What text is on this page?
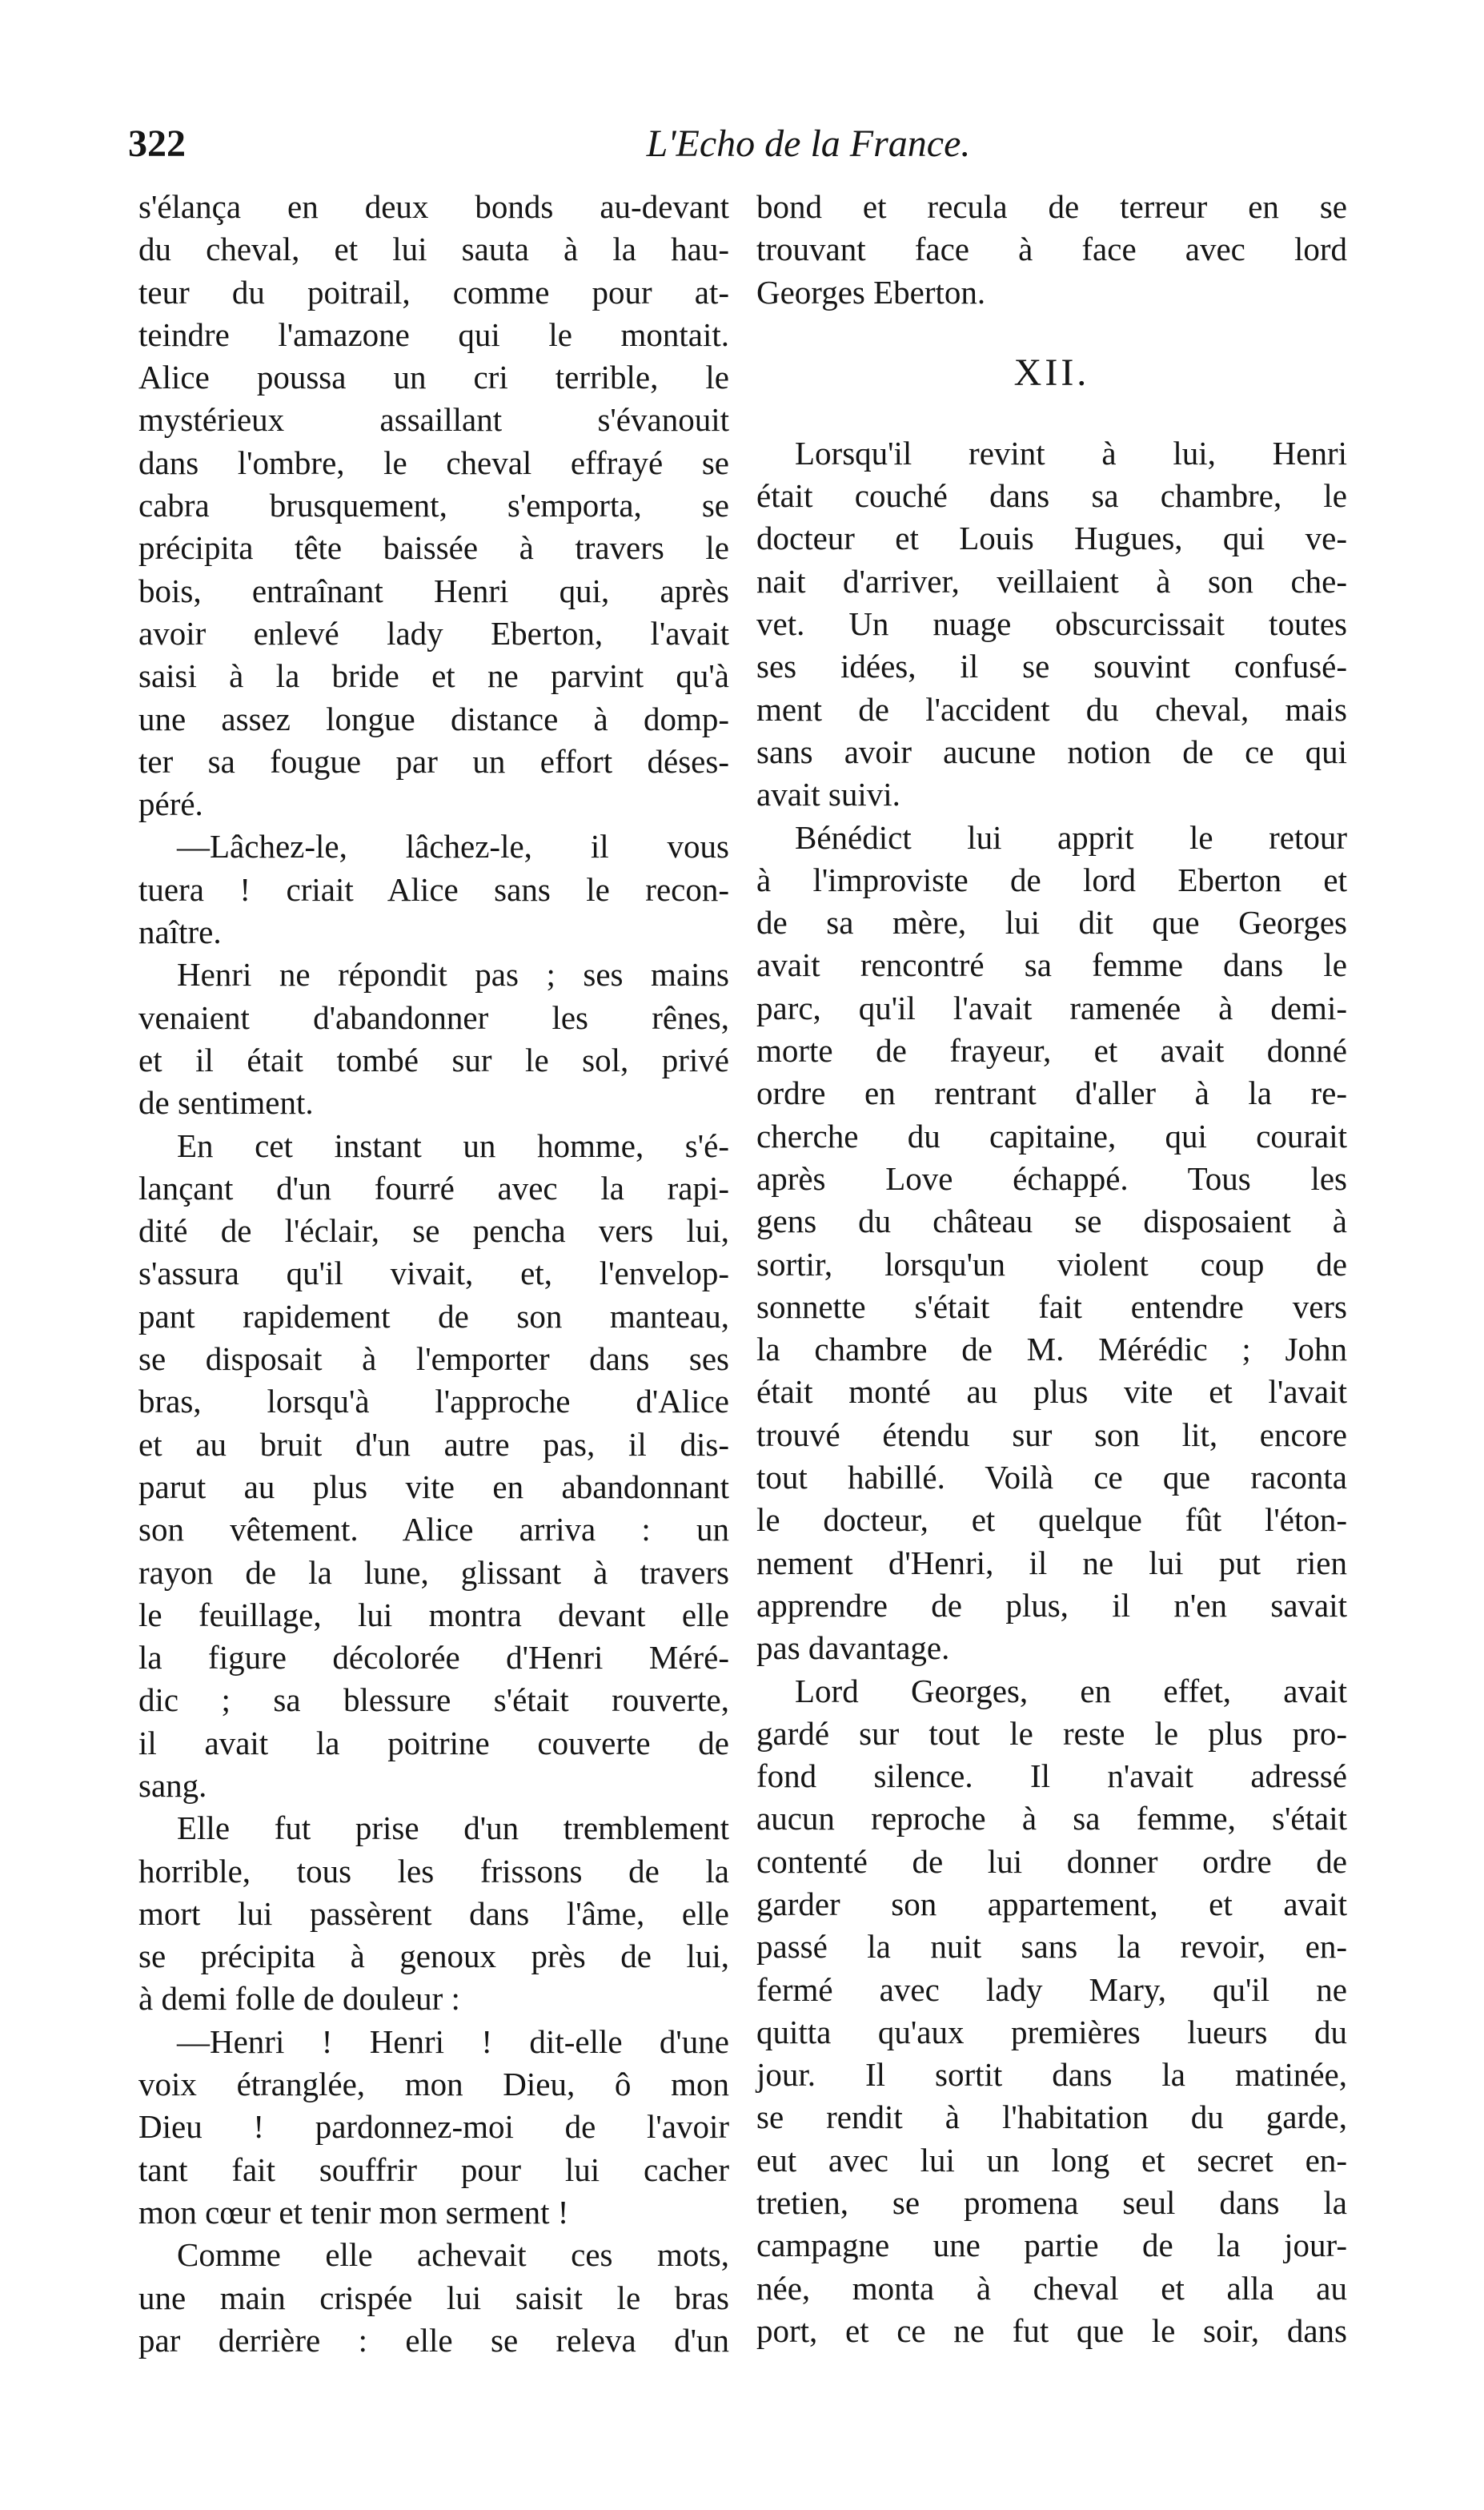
322	L'Echo de la France.
s'élança en deux bonds au-devant
du cheval, et lui sauta à la hau-
teur du poitrail, comme pour at-
teindre l'amazone qui le montait.
Alice poussa un cri terrible, le
mystérieux assaillant s'évanouit
dans l'ombre, le cheval effrayé se
cabra brusquement, s'emporta, se
précipita tête baissée à travers le
bois, entraînant Henri qui, après
avoir enlevé lady Eberton, l'avait
saisi à la bride et ne parvint qu'à
une assez longue distance à domp-
ter sa fougue par un effort déses-
péré.
—Lâchez-le, lâchez-le, il vous
tuera ! criait Alice sans le recon-
naître.
Henri ne répondit pas ; ses mains
venaient d'abandonner les rênes,
et il était tombé sur le sol, privé
de sentiment.
En cet instant un homme, s'é-
lançant d'un fourré avec la rapi-
dité de l'éclair, se pencha vers lui,
s'assura qu'il vivait, et, l'envelop-
pant rapidement de son manteau,
se disposait à l'emporter dans ses
bras, lorsqu'à l'approche d'Alice
et au bruit d'un autre pas, il dis-
parut au plus vite en abandonnant
son vêtement. Alice arriva : un
rayon de la lune, glissant à travers
le feuillage, lui montra devant elle
la figure décolorée d'Henri Méré-
dic ; sa blessure s'était rouverte,
il avait la poitrine couverte de
sang.
Elle fut prise d'un tremblement
horrible, tous les frissons de la
mort lui passèrent dans l'âme, elle
se précipita à genoux près de lui,
à demi folle de douleur :
—Henri ! Henri ! dit-elle d'une
voix étranglée, mon Dieu, ô mon
Dieu ! pardonnez-moi de l'avoir
tant fait souffrir pour lui cacher
mon cœur et tenir mon serment !
Comme elle achevait ces mots,
une main crispée lui saisit le bras
par derrière : elle se releva d'un
bond et recula de terreur en se
trouvant face à face avec lord
Georges Eberton.
XII.
Lorsqu'il revint à lui, Henri
était couché dans sa chambre, le
docteur et Louis Hugues, qui ve-
nait d'arriver, veillaient à son che-
vet. Un nuage obscurcissait toutes
ses idées, il se souvint confusé-
ment de l'accident du cheval, mais
sans avoir aucune notion de ce qui
avait suivi.
Bénédict lui apprit le retour
à l'improviste de lord Eberton et
de sa mère, lui dit que Georges
avait rencontré sa femme dans le
parc, qu'il l'avait ramenée à demi-
morte de frayeur, et avait donné
ordre en rentrant d'aller à la re-
cherche du capitaine, qui courait
après Love échappé. Tous les
gens du château se disposaient à
sortir, lorsqu'un violent coup de
sonnette s'était fait entendre vers
la chambre de M. Mérédic ; John
était monté au plus vite et l'avait
trouvé étendu sur son lit, encore
tout habillé. Voilà ce que raconta
le docteur, et quelque fût l'éton-
nement d'Henri, il ne lui put rien
apprendre de plus, il n'en savait
pas davantage.
Lord Georges, en effet, avait
gardé sur tout le reste le plus pro-
fond silence. Il n'avait adressé
aucun reproche à sa femme, s'était
contenté de lui donner ordre de
garder son appartement, et avait
passé la nuit sans la revoir, en-
fermé avec lady Mary, qu'il ne
quitta qu'aux premières lueurs du
jour. Il sortit dans la matinée,
se rendit à l'habitation du garde,
eut avec lui un long et secret en-
tretien, se promena seul dans la
campagne une partie de la jour-
née, monta à cheval et alla au
port, et ce ne fut que le soir, dans
